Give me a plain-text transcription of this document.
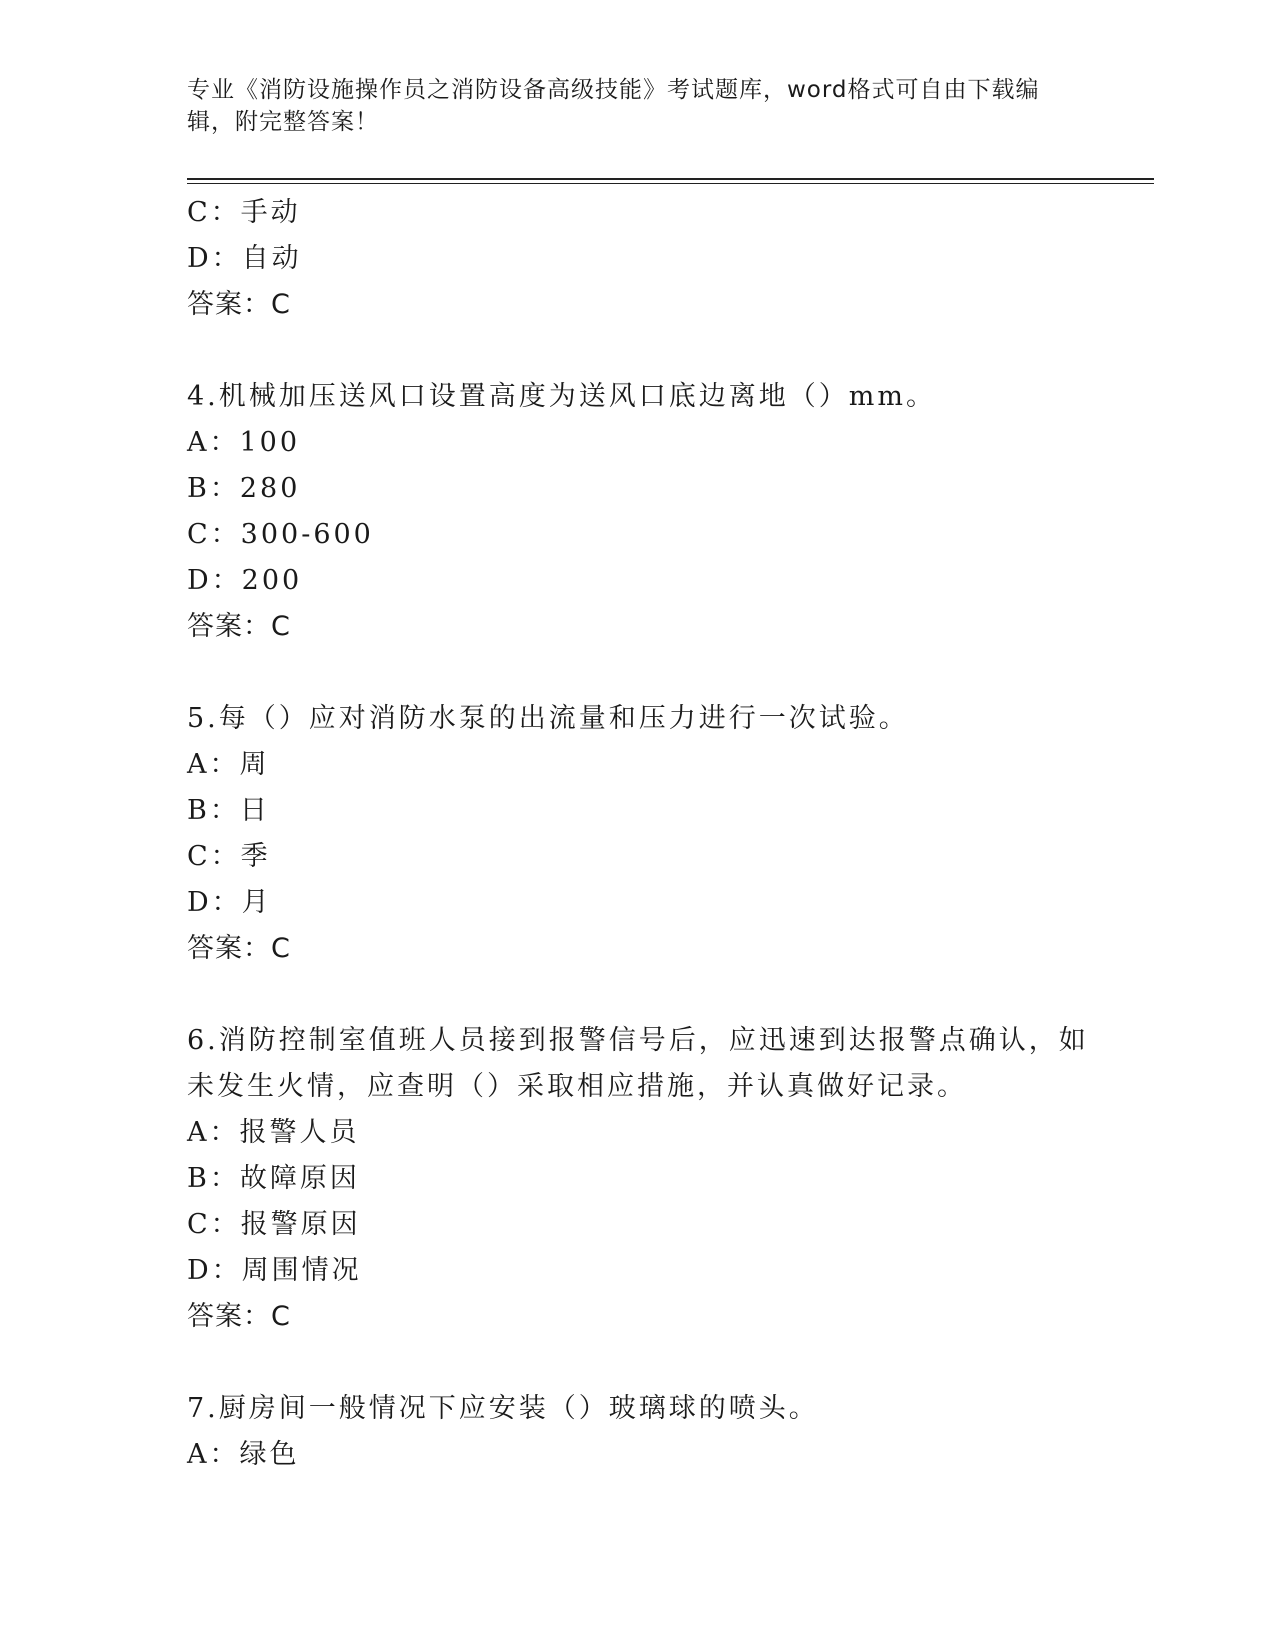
专业《消防设施操作员之消防设备高级技能》考试题库，word格式可自由下载编
辑，附完整答案！
C：手动
D：自动
答案：C
4.机械加压送风口设置高度为送风口底边离地（）mm。
A：100
B：280
C：300-600
D：200
答案：C
5.每（）应对消防水泵的出流量和压力进行一次试验。
A：周
B：日
C：季
D：月
答案：C
6.消防控制室值班人员接到报警信号后，应迅速到达报警点确认，如
未发生火情，应查明（）采取相应措施，并认真做好记录。
A：报警人员
B：故障原因
C：报警原因
D：周围情况
答案：C
7.厨房间一般情况下应安装（）玻璃球的喷头。
A：绿色
